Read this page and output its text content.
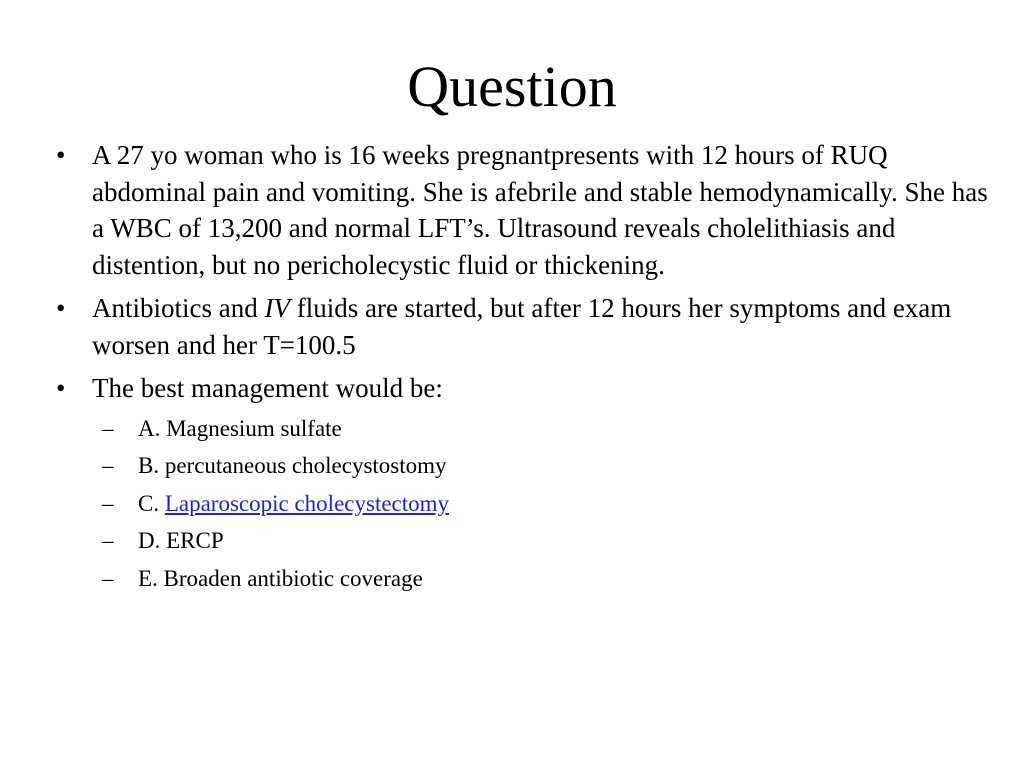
Question
• A 27 yo woman who is 16 weeks pregnantpresents with 12 hours of RUQ abdominal pain and vomiting. She is afebrile and stable hemodynamically. She has a WBC of 13,200 and normal LFT’s. Ultrasound reveals cholelithiasis and distention, but no pericholecystic fluid or thickening.
• Antibiotics and IV fluids are started, but after 12 hours her symptoms and exam worsen and her T=100.5
• The best management would be:
– A. Magnesium sulfate
– B. percutaneous cholecystostomy
– C. Laparoscopic cholecystectomy
– D. ERCP
– E. Broaden antibiotic coverage
